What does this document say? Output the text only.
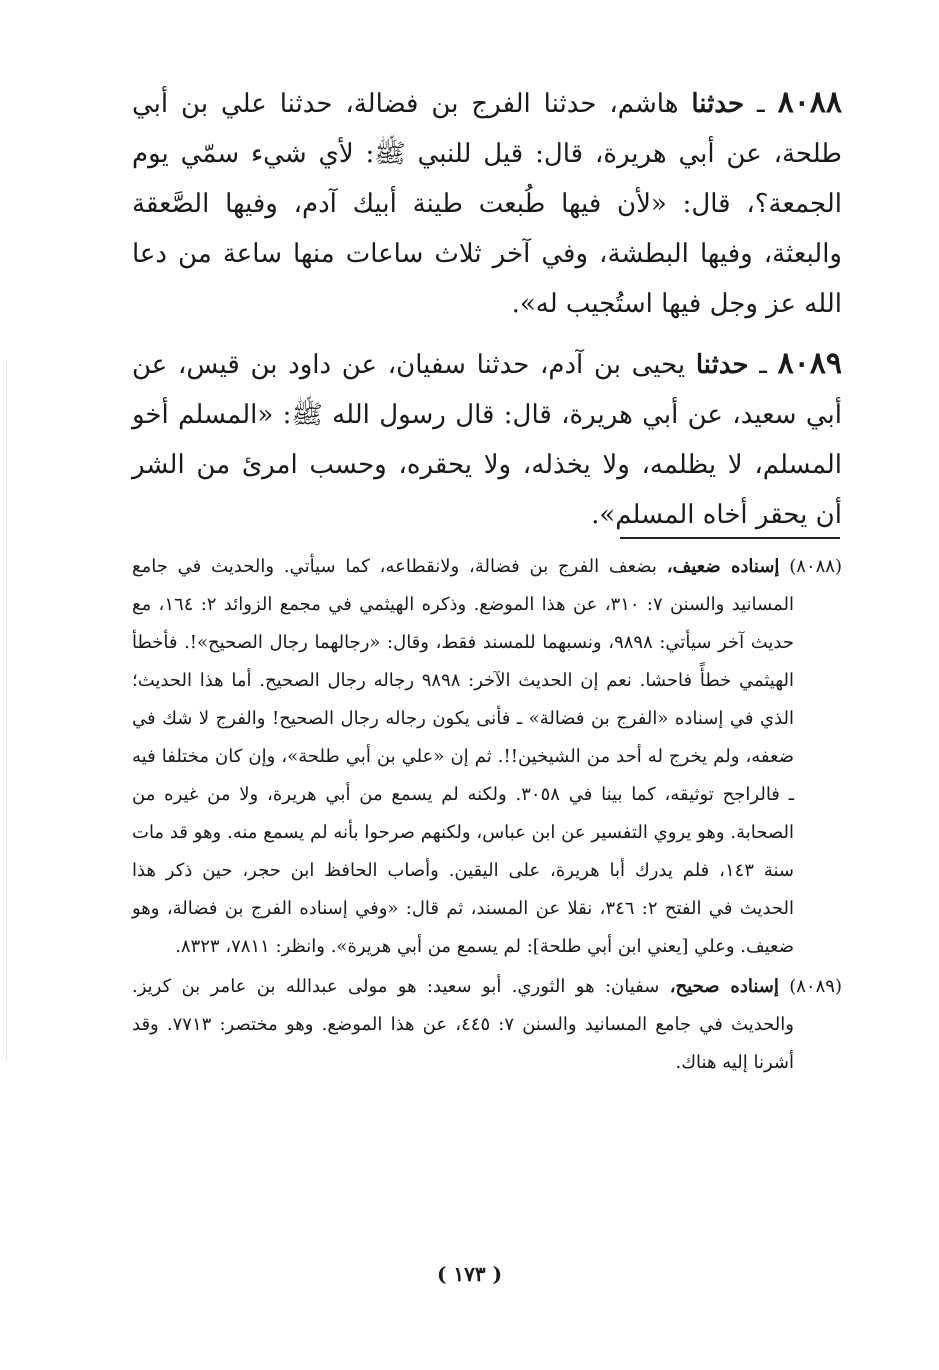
٨٠٨٨ ـ حدثنا هاشم، حدثنا الفرج بن فضالة، حدثنا علي بن أبي طلحة، عن أبي هريرة، قال: قيل للنبي ﷺ: لأي شيء سمّي يوم الجمعة؟، قال: «لأن فيها طُبعت طينة أبيك آدم، وفيها الصَّعقة والبعثة، وفيها البطشة، وفي آخر ثلاث ساعات منها ساعة من دعا الله عز وجل فيها استُجيب له».

٨٠٨٩ ـ حدثنا يحيى بن آدم، حدثنا سفيان، عن داود بن قيس، عن أبي سعيد، عن أبي هريرة، قال: قال رسول الله ﷺ: «المسلم أخو المسلم، لا يظلمه، ولا يخذله، ولا يحقره، وحسب امرئ من الشر أن يحقر أخاه المسلم».

(٨٠٨٨) إسناده ضعيف، بضعف الفرج بن فضالة، ولانقطاعه، كما سيأتي. والحديث في جامع المسانيد والسنن ٧: ٣١٠، عن هذا الموضع. وذكره الهيثمي في مجمع الزوائد ٢: ١٦٤، مع حديث آخر سيأتي: ٩٨٩٨، ونسبهما للمسند فقط، وقال: «رجالهما رجال الصحيح»!. فأخطأ الهيثمي خطأً فاحشا. نعم إن الحديث الآخر: ٩٨٩٨ رجاله رجال الصحيح. أما هذا الحديث؛ الذي في إسناده «الفرج بن فضالة» ـ فأنى يكون رجاله رجال الصحيح! والفرج لا شك في ضعفه، ولم يخرج له أحد من الشيخين!!. ثم إن «علي بن أبي طلحة»، وإن كان مختلفا فيه ـ فالراجح توثيقه، كما بينا في ٣٠٥٨. ولكنه لم يسمع من أبي هريرة، ولا من غيره من الصحابة. وهو يروي التفسير عن ابن عباس، ولكنهم صرحوا بأنه لم يسمع منه. وهو قد مات سنة ١٤٣، فلم يدرك أبا هريرة، على اليقين. وأصاب الحافظ ابن حجر، حين ذكر هذا الحديث في الفتح ٢: ٣٤٦، نقلا عن المسند، ثم قال: «وفي إسناده الفرج بن فضالة، وهو ضعيف. وعلي [يعني ابن أبي طلحة]: لم يسمع من أبي هريرة». وانظر: ٧٨١١، ٨٣٢٣.

(٨٠٨٩) إسناده صحيح، سفيان: هو الثوري. أبو سعيد: هو مولى عبدالله بن عامر بن كريز. والحديث في جامع المسانيد والسنن ٧: ٤٤٥، عن هذا الموضع. وهو مختصر: ٧٧١٣. وقد أشرنا إليه هناك.

( ١٧٣ )
